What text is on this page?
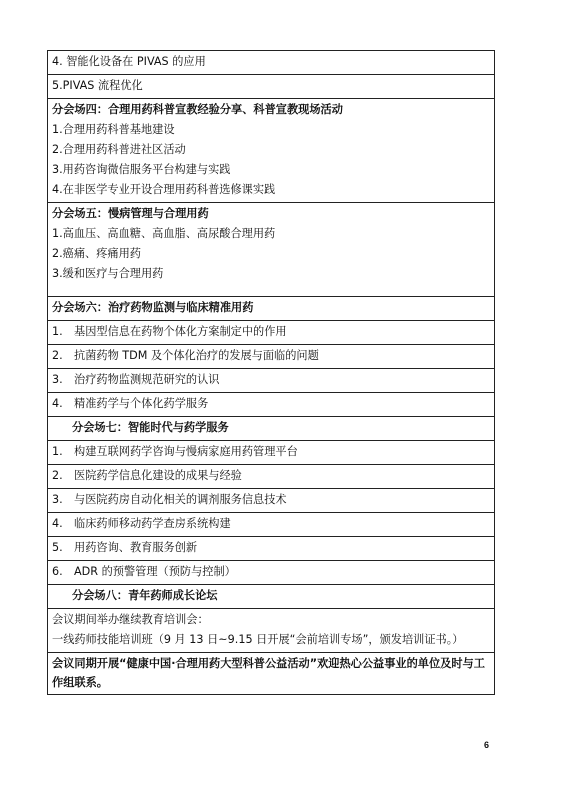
4. 智能化设备在 PIVAS 的应用
5.PIVAS 流程优化
分会场四：合理用药科普宣教经验分享、科普宣教现场活动
1.合理用药科普基地建设
2.合理用药科普进社区活动
3.用药咨询微信服务平台构建与实践
4.在非医学专业开设合理用药科普选修课实践
分会场五：慢病管理与合理用药
1.高血压、高血糖、高血脂、高尿酸合理用药
2.癌痛、疼痛用药
3.缓和医疗与合理用药
分会场六：治疗药物监测与临床精准用药
1. 基因型信息在药物个体化方案制定中的作用
2. 抗菌药物 TDM 及个体化治疗的发展与面临的问题
3. 治疗药物监测规范研究的认识
4. 精准药学与个体化药学服务
分会场七：智能时代与药学服务
1. 构建互联网药学咨询与慢病家庭用药管理平台
2. 医院药学信息化建设的成果与经验
3. 与医院药房自动化相关的调剂服务信息技术
4. 临床药师移动药学查房系统构建
5. 用药咨询、教育服务创新
6. ADR 的预警管理（预防与控制）
分会场八：青年药师成长论坛
会议期间举办继续教育培训会：
一线药师技能培训班（9 月 13 日~9.15 日开展“会前培训专场”，颁发培训证书。）
会议同期开展“健康中国·合理用药大型科普公益活动”欢迎热心公益事业的单位及时与工作组联系。
6
